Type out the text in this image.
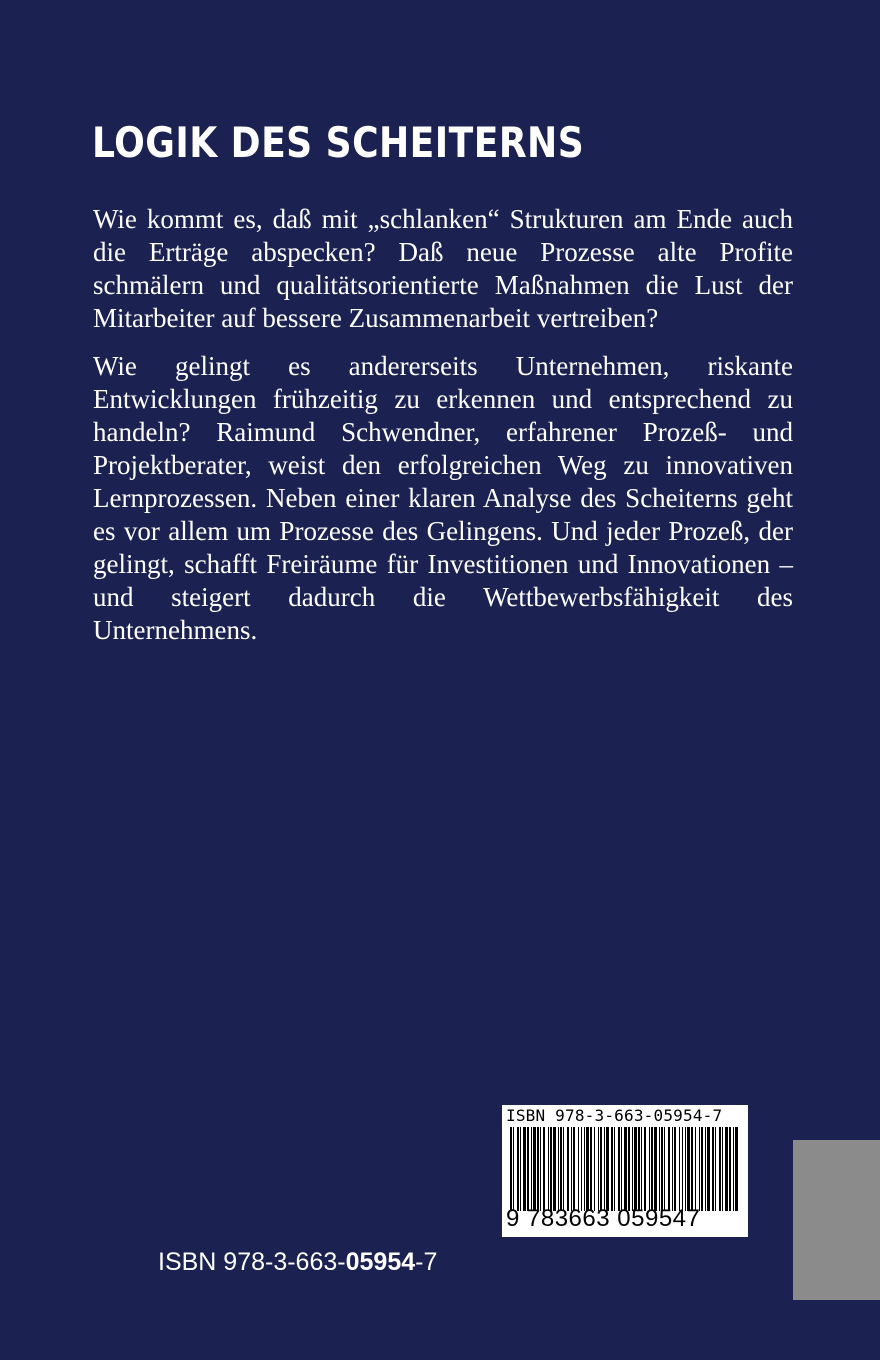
LOGIK DES SCHEITERNS

Wie kommt es, daß mit „schlanken“ Strukturen am Ende auch die Erträge abspecken? Daß neue Prozesse alte Profite schmälern und qualitätsorientierte Maßnahmen die Lust der Mitarbeiter auf bessere Zusammenarbeit vertreiben?

Wie gelingt es andererseits Unternehmen, riskante Entwicklungen frühzeitig zu erkennen und entsprechend zu handeln? Raimund Schwendner, erfahrener Prozeß- und Projektberater, weist den erfolgreichen Weg zu innovativen Lernprozessen. Neben einer klaren Analyse des Scheiterns geht es vor allem um Prozesse des Gelingens. Und jeder Prozeß, der gelingt, schafft Freiräume für Investitionen und Innovationen – und steigert dadurch die Wettbewerbsfähigkeit des Unternehmens.

ISBN 978-3-663-05954-7
9 783663 059547
ISBN 978-3-663-05954-7
